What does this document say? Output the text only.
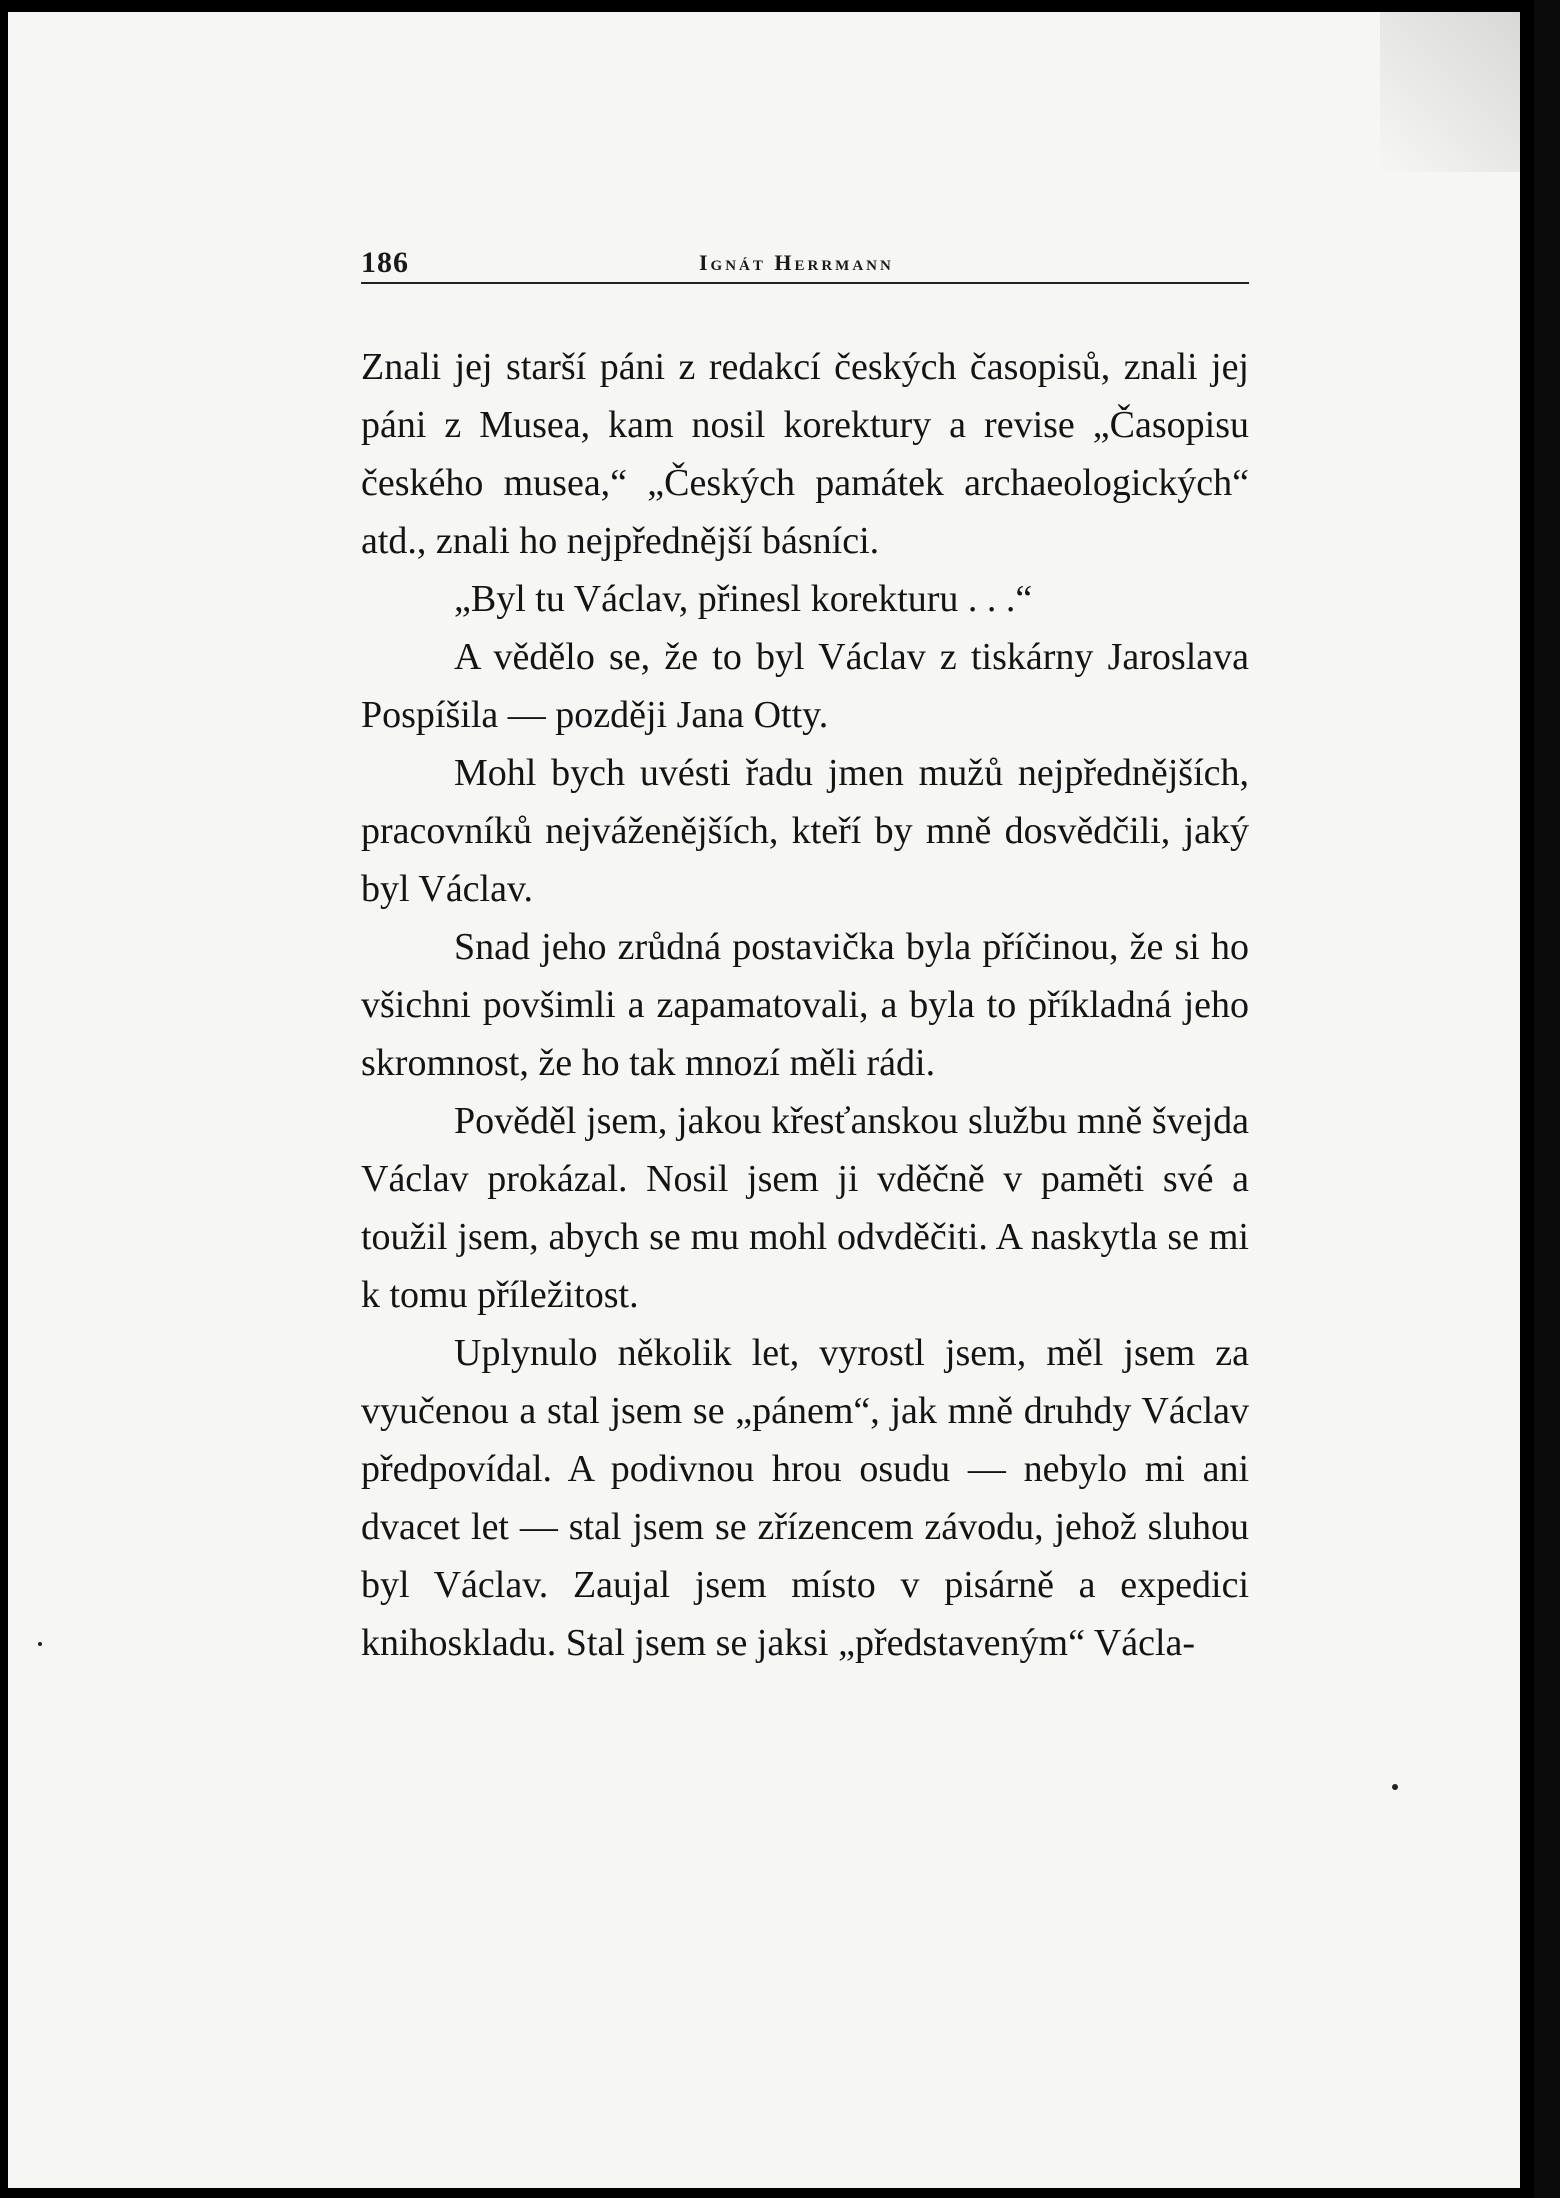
186	Ignát Herrmann

Znali jej starší páni z redakcí českých časopisů, znali jej páni z Musea, kam nosil korektury a revise „Časopisu českého musea,“ „Českých památek archaeologických“ atd., znali ho nejpřednější básníci.

„Byl tu Václav, přinesl korekturu . . .“

A vědělo se, že to byl Václav z tiskárny Jaroslava Pospíšila — později Jana Otty.

Mohl bych uvésti řadu jmen mužů nejpřednějších, pracovníků nejváženějších, kteří by mně dosvědčili, jaký byl Václav.

Snad jeho zrůdná postavička byla příčinou, že si ho všichni povšimli a zapamatovali, a byla to příkladná jeho skromnost, že ho tak mnozí měli rádi.

Pověděl jsem, jakou křesťanskou službu mně švejda Václav prokázal. Nosil jsem ji vděčně v paměti své a toužil jsem, abych se mu mohl odvděčiti. A naskytla se mi k tomu příležitost.

Uplynulo několik let, vyrostl jsem, měl jsem za vyučenou a stal jsem se „pánem“, jak mně druhdy Václav předpovídal. A podivnou hrou osudu — nebylo mi ani dvacet let — stal jsem se zřízencem závodu, jehož sluhou byl Václav. Zaujal jsem místo v pisárně a expedici knihoskladu. Stal jsem se jaksi „představeným“ Václa-
